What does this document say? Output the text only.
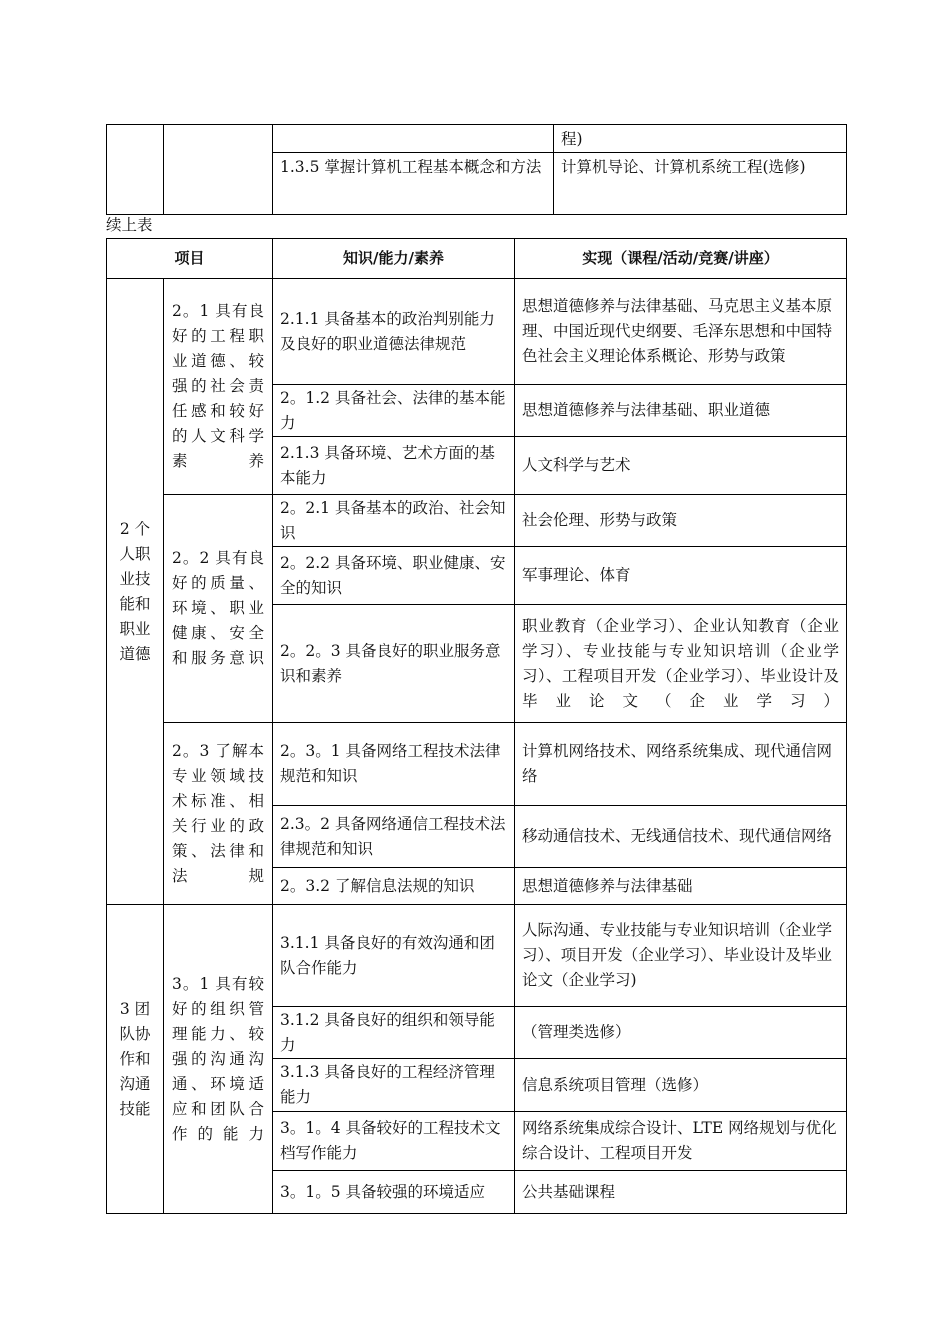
			程)
		1.3.5 掌握计算机工程基本概念和方法	计算机导论、计算机系统工程(选修)
续上表
项目		知识/能力/素养	实现（课程/活动/竞赛/讲座）
2 个人职业技能和职业道德	2。1 具有良好的工程职业道德、较强的社会责任感和较好的人文科学素养	2.1.1 具备基本的政治判别能力及良好的职业道德法律规范	思想道德修养与法律基础、马克思主义基本原理、中国近现代史纲要、毛泽东思想和中国特色社会主义理论体系概论、形势与政策
		2。1.2 具备社会、法律的基本能力	思想道德修养与法律基础、职业道德
		2.1.3 具备环境、艺术方面的基本能力	人文科学与艺术
	2。2 具有良好的质量、环境、职业健康、安全和服务意识	2。2.1 具备基本的政治、社会知识	社会伦理、形势与政策
		2。2.2 具备环境、职业健康、安全的知识	军事理论、体育
		2。2。3 具备良好的职业服务意识和素养	职业教育（企业学习）、企业认知教育（企业学习）、专业技能与专业知识培训（企业学习）、工程项目开发（企业学习）、毕业设计及毕业论文（企业学习）
	2。3 了解本专业领域技术标准、相关行业的政策、法律和法规	2。3。1 具备网络工程技术法律规范和知识	计算机网络技术、网络系统集成、现代通信网络
		2.3。2 具备网络通信工程技术法律规范和知识	移动通信技术、无线通信技术、现代通信网络
		2。3.2 了解信息法规的知识	思想道德修养与法律基础
3 团队协作和沟通技能	3。1 具有较好的组织管理能力、较强的沟通沟通、环境适应和团队合作的能力	3.1.1 具备良好的有效沟通和团队合作能力	人际沟通、专业技能与专业知识培训（企业学习）、项目开发（企业学习）、毕业设计及毕业论文（企业学习)
		3.1.2 具备良好的组织和领导能力	（管理类选修）
		3.1.3 具备良好的工程经济管理能力	信息系统项目管理（选修）
		3。1。4 具备较好的工程技术文档写作能力	网络系统集成综合设计、LTE 网络规划与优化综合设计、工程项目开发
		3。1。5 具备较强的环境适应	公共基础课程
